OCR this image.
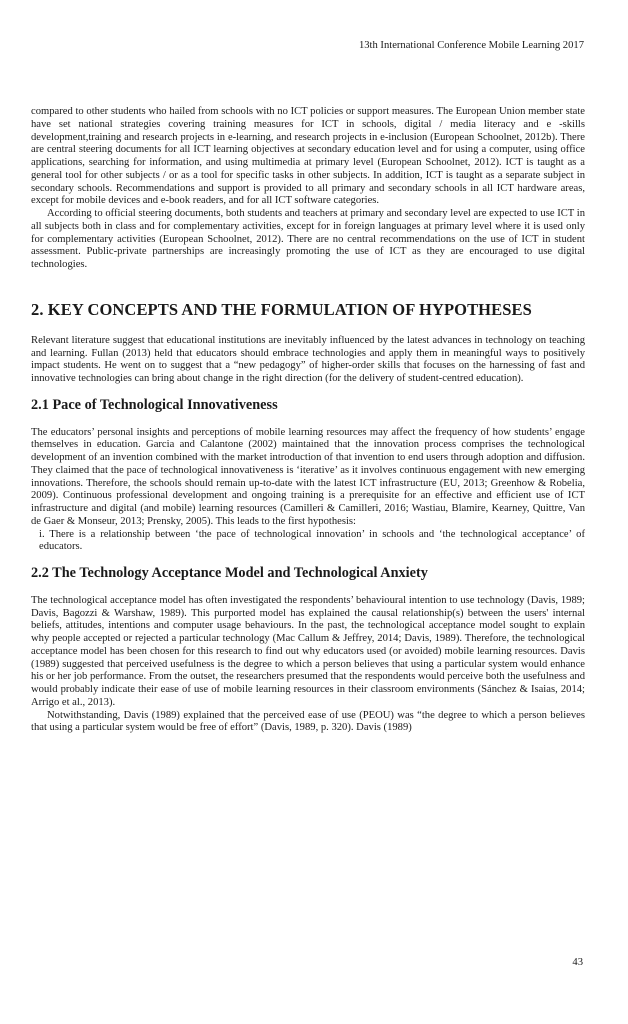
13th International Conference Mobile Learning 2017

compared to other students who hailed from schools with no ICT policies or support measures. The European Union member state have set national strategies covering training measures for ICT in schools, digital / media literacy and e -skills development,training and research projects in e-learning, and research projects in e-inclusion (European Schoolnet, 2012b). There are central steering documents for all ICT learning objectives at secondary education level and for using a computer, using office applications, searching for information, and using multimedia at primary level (European Schoolnet, 2012). ICT is taught as a general tool for other subjects / or as a tool for specific tasks in other subjects. In addition, ICT is taught as a separate subject in secondary schools. Recommendations and support is provided to all primary and secondary schools in all ICT hardware areas, except for mobile devices and e-book readers, and for all ICT software categories.

According to official steering documents, both students and teachers at primary and secondary level are expected to use ICT in all subjects both in class and for complementary activities, except for in foreign languages at primary level where it is used only for complementary activities (European Schoolnet, 2012). There are no central recommendations on the use of ICT in student assessment. Public-private partnerships are increasingly promoting the use of ICT as they are encouraged to use digital technologies.

2. KEY CONCEPTS AND THE FORMULATION OF HYPOTHESES

Relevant literature suggest that educational institutions are inevitably influenced by the latest advances in technology on teaching and learning. Fullan (2013) held that educators should embrace technologies and apply them in meaningful ways to positively impact students. He went on to suggest that a “new pedagogy” of higher-order skills that focuses on the harnessing of fast and innovative technologies can bring about change in the right direction (for the delivery of student-centred education).

2.1 Pace of Technological Innovativeness

The educators’ personal insights and perceptions of mobile learning resources may affect the frequency of how students’ engage themselves in education. Garcia and Calantone (2002) maintained that the innovation process comprises the technological development of an invention combined with the market introduction of that invention to end users through adoption and diffusion. They claimed that the pace of technological innovativeness is ‘iterative’ as it involves continuous engagement with new emerging innovations. Therefore, the schools should remain up-to-date with the latest ICT infrastructure (EU, 2013; Greenhow & Robelia, 2009). Continuous professional development and ongoing training is a prerequisite for an effective and efficient use of ICT infrastructure and digital (and mobile) learning resources (Camilleri & Camilleri, 2016; Wastiau, Blamire, Kearney, Quittre, Van de Gaer & Monseur, 2013; Prensky, 2005). This leads to the first hypothesis:

i. There is a relationship between ‘the pace of technological innovation’ in schools and ‘the technological acceptance’ of educators.

2.2 The Technology Acceptance Model and Technological Anxiety

The technological acceptance model has often investigated the respondents’ behavioural intention to use technology (Davis, 1989; Davis, Bagozzi & Warshaw, 1989). This purported model has explained the causal relationship(s) between the users' internal beliefs, attitudes, intentions and computer usage behaviours. In the past, the technological acceptance model sought to explain why people accepted or rejected a particular technology (Mac Callum & Jeffrey, 2014; Davis, 1989). Therefore, the technological acceptance model has been chosen for this research to find out why educators used (or avoided) mobile learning resources. Davis (1989) suggested that perceived usefulness is the degree to which a person believes that using a particular system would enhance his or her job performance. From the outset, the researchers presumed that the respondents would perceive both the usefulness and would probably indicate their ease of use of mobile learning resources in their classroom environments (Sánchez & Isaias, 2014; Arrigo et al., 2013).

Notwithstanding, Davis (1989) explained that the perceived ease of use (PEOU) was “the degree to which a person believes that using a particular system would be free of effort” (Davis, 1989, p. 320). Davis (1989)

43
